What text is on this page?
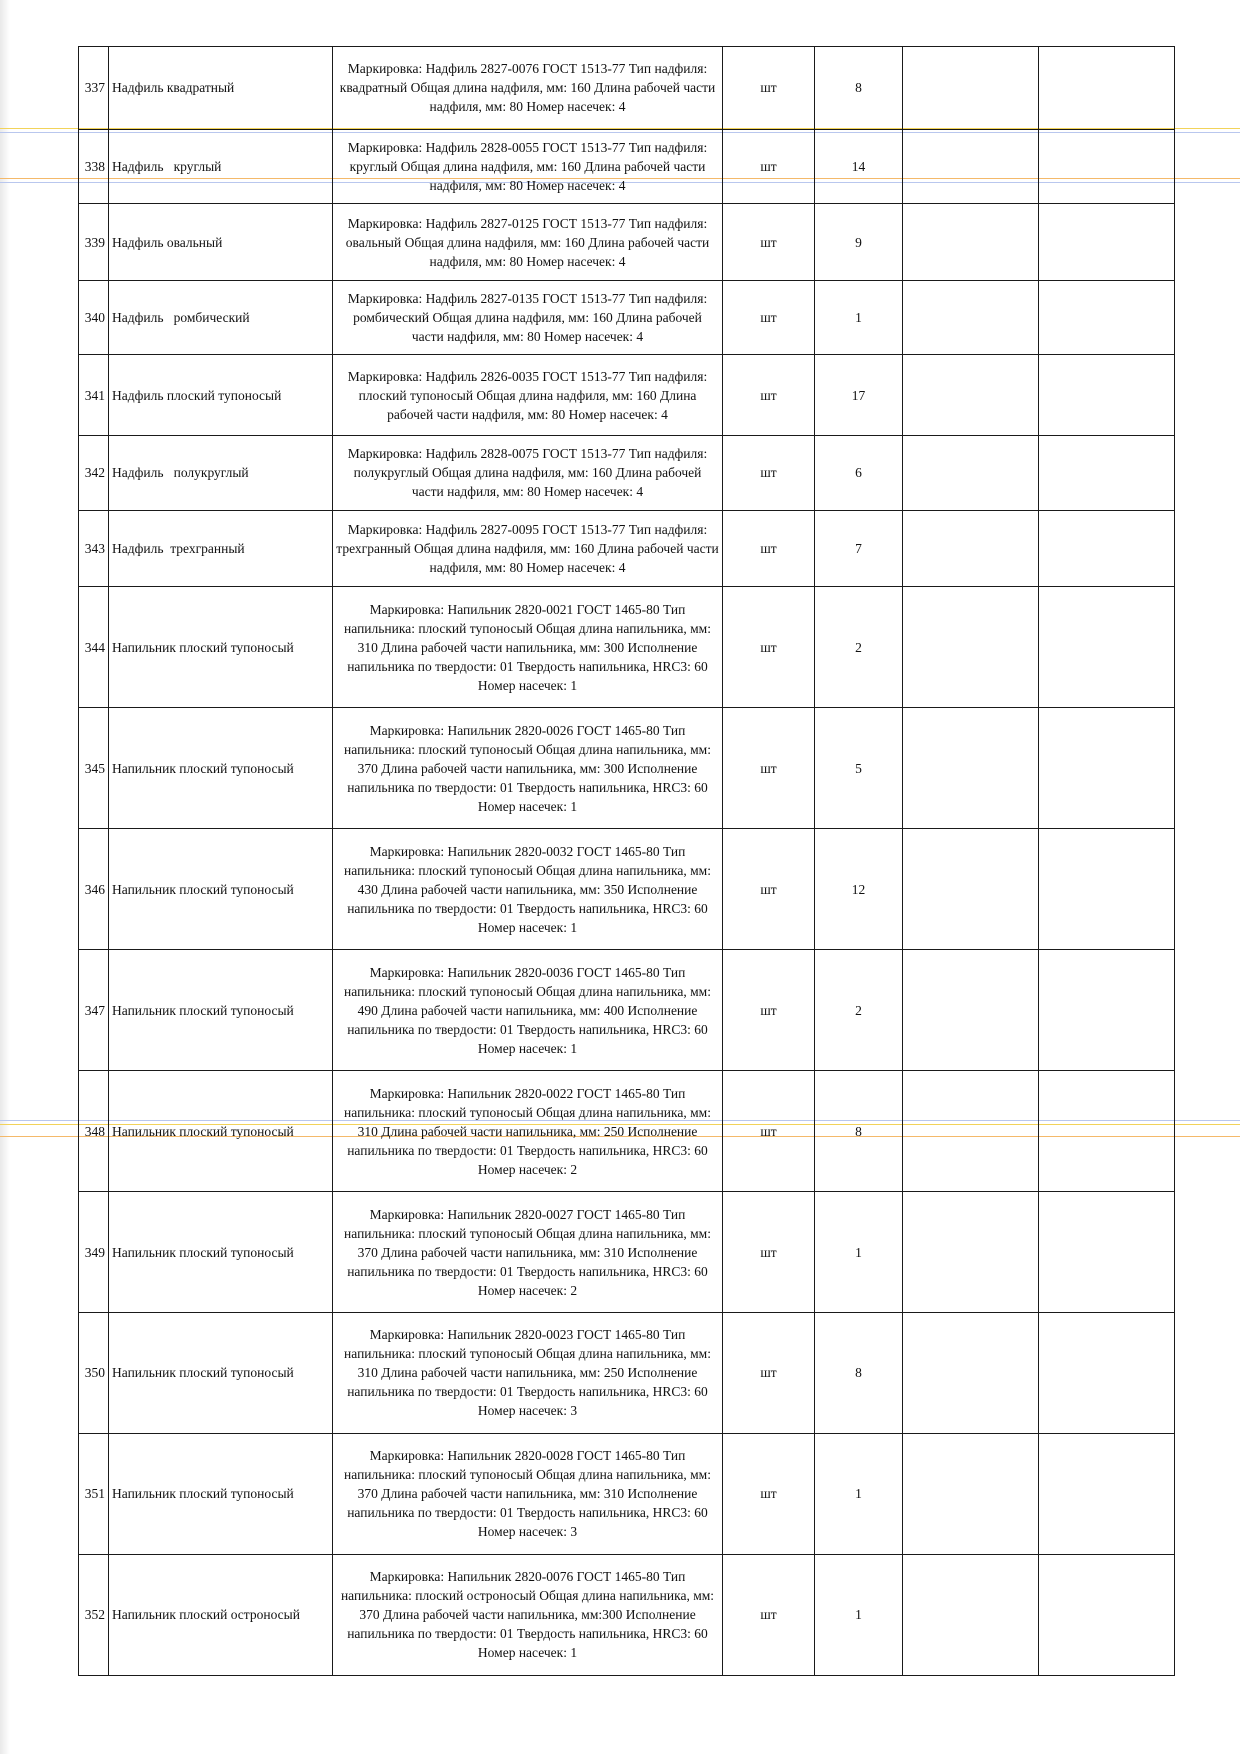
337	Надфиль квадратный	Маркировка: Надфиль 2827-0076 ГОСТ 1513-77 Тип надфиля: квадратный Общая длина надфиля, мм: 160 Длина рабочей части надфиля, мм: 80 Номер насечек: 4	шт	8		
338	Надфиль   круглый	Маркировка: Надфиль 2828-0055 ГОСТ 1513-77 Тип надфиля: круглый Общая длина надфиля, мм: 160 Длина рабочей части надфиля, мм: 80 Номер насечек: 4	шт	14		
339	Надфиль овальный	Маркировка: Надфиль 2827-0125 ГОСТ 1513-77 Тип надфиля: овальный Общая длина надфиля, мм: 160 Длина рабочей части надфиля, мм: 80 Номер насечек: 4	шт	9		
340	Надфиль   ромбический	Маркировка: Надфиль 2827-0135 ГОСТ 1513-77 Тип надфиля: ромбический Общая длина надфиля, мм: 160 Длина рабочей части надфиля, мм: 80 Номер насечек: 4	шт	1		
341	Надфиль плоский тупоносый	Маркировка: Надфиль 2826-0035 ГОСТ 1513-77 Тип надфиля: плоский тупоносый Общая длина надфиля, мм: 160 Длина рабочей части надфиля, мм: 80 Номер насечек: 4	шт	17		
342	Надфиль   полукруглый	Маркировка: Надфиль 2828-0075 ГОСТ 1513-77 Тип надфиля: полукруглый Общая длина надфиля, мм: 160 Длина рабочей части надфиля, мм: 80 Номер насечек: 4	шт	6		
343	Надфиль  трехгранный	Маркировка: Надфиль 2827-0095 ГОСТ 1513-77 Тип надфиля: трехгранный Общая длина надфиля, мм: 160 Длина рабочей части надфиля, мм: 80 Номер насечек: 4	шт	7		
344	Напильник плоский тупоносый	Маркировка: Напильник 2820-0021 ГОСТ 1465-80 Тип напильника: плоский тупоносый Общая длина напильника, мм: 310 Длина рабочей части напильника, мм: 300 Исполнение напильника по твердости: 01 Твердость напильника, HRC3: 60 Номер насечек: 1	шт	2		
345	Напильник плоский тупоносый	Маркировка: Напильник 2820-0026 ГОСТ 1465-80 Тип напильника: плоский тупоносый Общая длина напильника, мм: 370 Длина рабочей части напильника, мм: 300 Исполнение напильника по твердости: 01 Твердость напильника, HRC3: 60 Номер насечек: 1	шт	5		
346	Напильник плоский тупоносый	Маркировка: Напильник 2820-0032 ГОСТ 1465-80 Тип напильника: плоский тупоносый Общая длина напильника, мм: 430 Длина рабочей части напильника, мм: 350 Исполнение напильника по твердости: 01 Твердость напильника, HRC3: 60 Номер насечек: 1	шт	12		
347	Напильник плоский тупоносый	Маркировка: Напильник 2820-0036 ГОСТ 1465-80 Тип напильника: плоский тупоносый Общая длина напильника, мм: 490 Длина рабочей части напильника, мм: 400 Исполнение напильника по твердости: 01 Твердость напильника, HRC3: 60 Номер насечек: 1	шт	2		
348	Напильник плоский тупоносый	Маркировка: Напильник 2820-0022 ГОСТ 1465-80 Тип напильника: плоский тупоносый Общая длина напильника, мм: 310 Длина рабочей части напильника, мм: 250 Исполнение напильника по твердости: 01 Твердость напильника, HRC3: 60 Номер насечек: 2	шт	8		
349	Напильник плоский тупоносый	Маркировка: Напильник 2820-0027 ГОСТ 1465-80 Тип напильника: плоский тупоносый Общая длина напильника, мм: 370 Длина рабочей части напильника, мм: 310 Исполнение напильника по твердости: 01 Твердость напильника, HRC3: 60 Номер насечек: 2	шт	1		
350	Напильник плоский тупоносый	Маркировка: Напильник 2820-0023 ГОСТ 1465-80 Тип напильника: плоский тупоносый Общая длина напильника, мм: 310 Длина рабочей части напильника, мм: 250 Исполнение напильника по твердости: 01 Твердость напильника, HRC3: 60 Номер насечек: 3	шт	8		
351	Напильник плоский тупоносый	Маркировка: Напильник 2820-0028 ГОСТ 1465-80 Тип напильника: плоский тупоносый Общая длина напильника, мм: 370 Длина рабочей части напильника, мм: 310 Исполнение напильника по твердости: 01 Твердость напильника, HRC3: 60 Номер насечек: 3	шт	1		
352	Напильник плоский остроносый	Маркировка: Напильник 2820-0076 ГОСТ 1465-80 Тип напильника: плоский остроносый Общая длина напильника, мм: 370 Длина рабочей части напильника, мм:300 Исполнение напильника по твердости: 01 Твердость напильника, HRC3: 60 Номер насечек: 1	шт	1		
